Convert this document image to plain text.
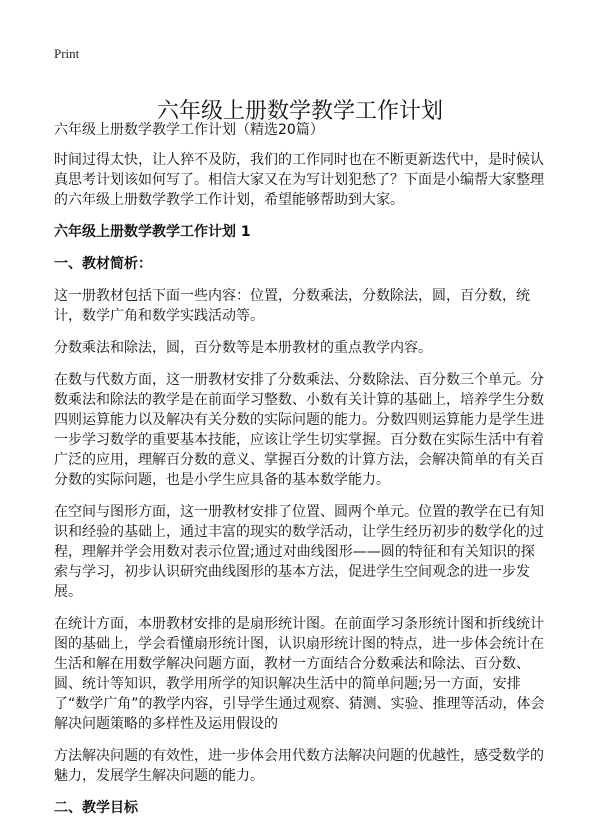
Print
六年级上册数学教学工作计划

六年级上册数学教学工作计划（精选20篇）

时间过得太快，让人猝不及防，我们的工作同时也在不断更新迭代中，是时候认真思考计划该如何写了。相信大家又在为写计划犯愁了？下面是小编帮大家整理的六年级上册数学教学工作计划，希望能够帮助到大家。

六年级上册数学教学工作计划 1
一、教材简析：

这一册教材包括下面一些内容：位置，分数乘法，分数除法，圆，百分数，统计，数学广角和数学实践活动等。

分数乘法和除法，圆，百分数等是本册教材的重点教学内容。

在数与代数方面，这一册教材安排了分数乘法、分数除法、百分数三个单元。分数乘法和除法的教学是在前面学习整数、小数有关计算的基础上，培养学生分数四则运算能力以及解决有关分数的实际问题的能力。分数四则运算能力是学生进一步学习数学的重要基本技能，应该让学生切实掌握。百分数在实际生活中有着广泛的应用，理解百分数的意义、掌握百分数的计算方法，会解决简单的有关百分数的实际问题，也是小学生应具备的基本数学能力。

在空间与图形方面，这一册教材安排了位置、圆两个单元。位置的教学在已有知识和经验的基础上，通过丰富的现实的数学活动，让学生经历初步的数学化的过程，理解并学会用数对表示位置;通过对曲线图形——圆的特征和有关知识的探索与学习，初步认识研究曲线图形的基本方法，促进学生空间观念的进一步发展。

在统计方面，本册教材安排的是扇形统计图。在前面学习条形统计图和折线统计图的基础上，学会看懂扇形统计图，认识扇形统计图的特点，进一步体会统计在生活和解在用数学解决问题方面，教材一方面结合分数乘法和除法、百分数、圆、统计等知识，教学用所学的知识解决生活中的简单问题;另一方面，安排了“数学广角”的教学内容，引导学生通过观察、猜测、实验、推理等活动，体会解决问题策略的多样性及运用假设的

方法解决问题的有效性，进一步体会用代数方法解决问题的优越性，感受数学的魅力，发展学生解决问题的能力。

二、教学目标
